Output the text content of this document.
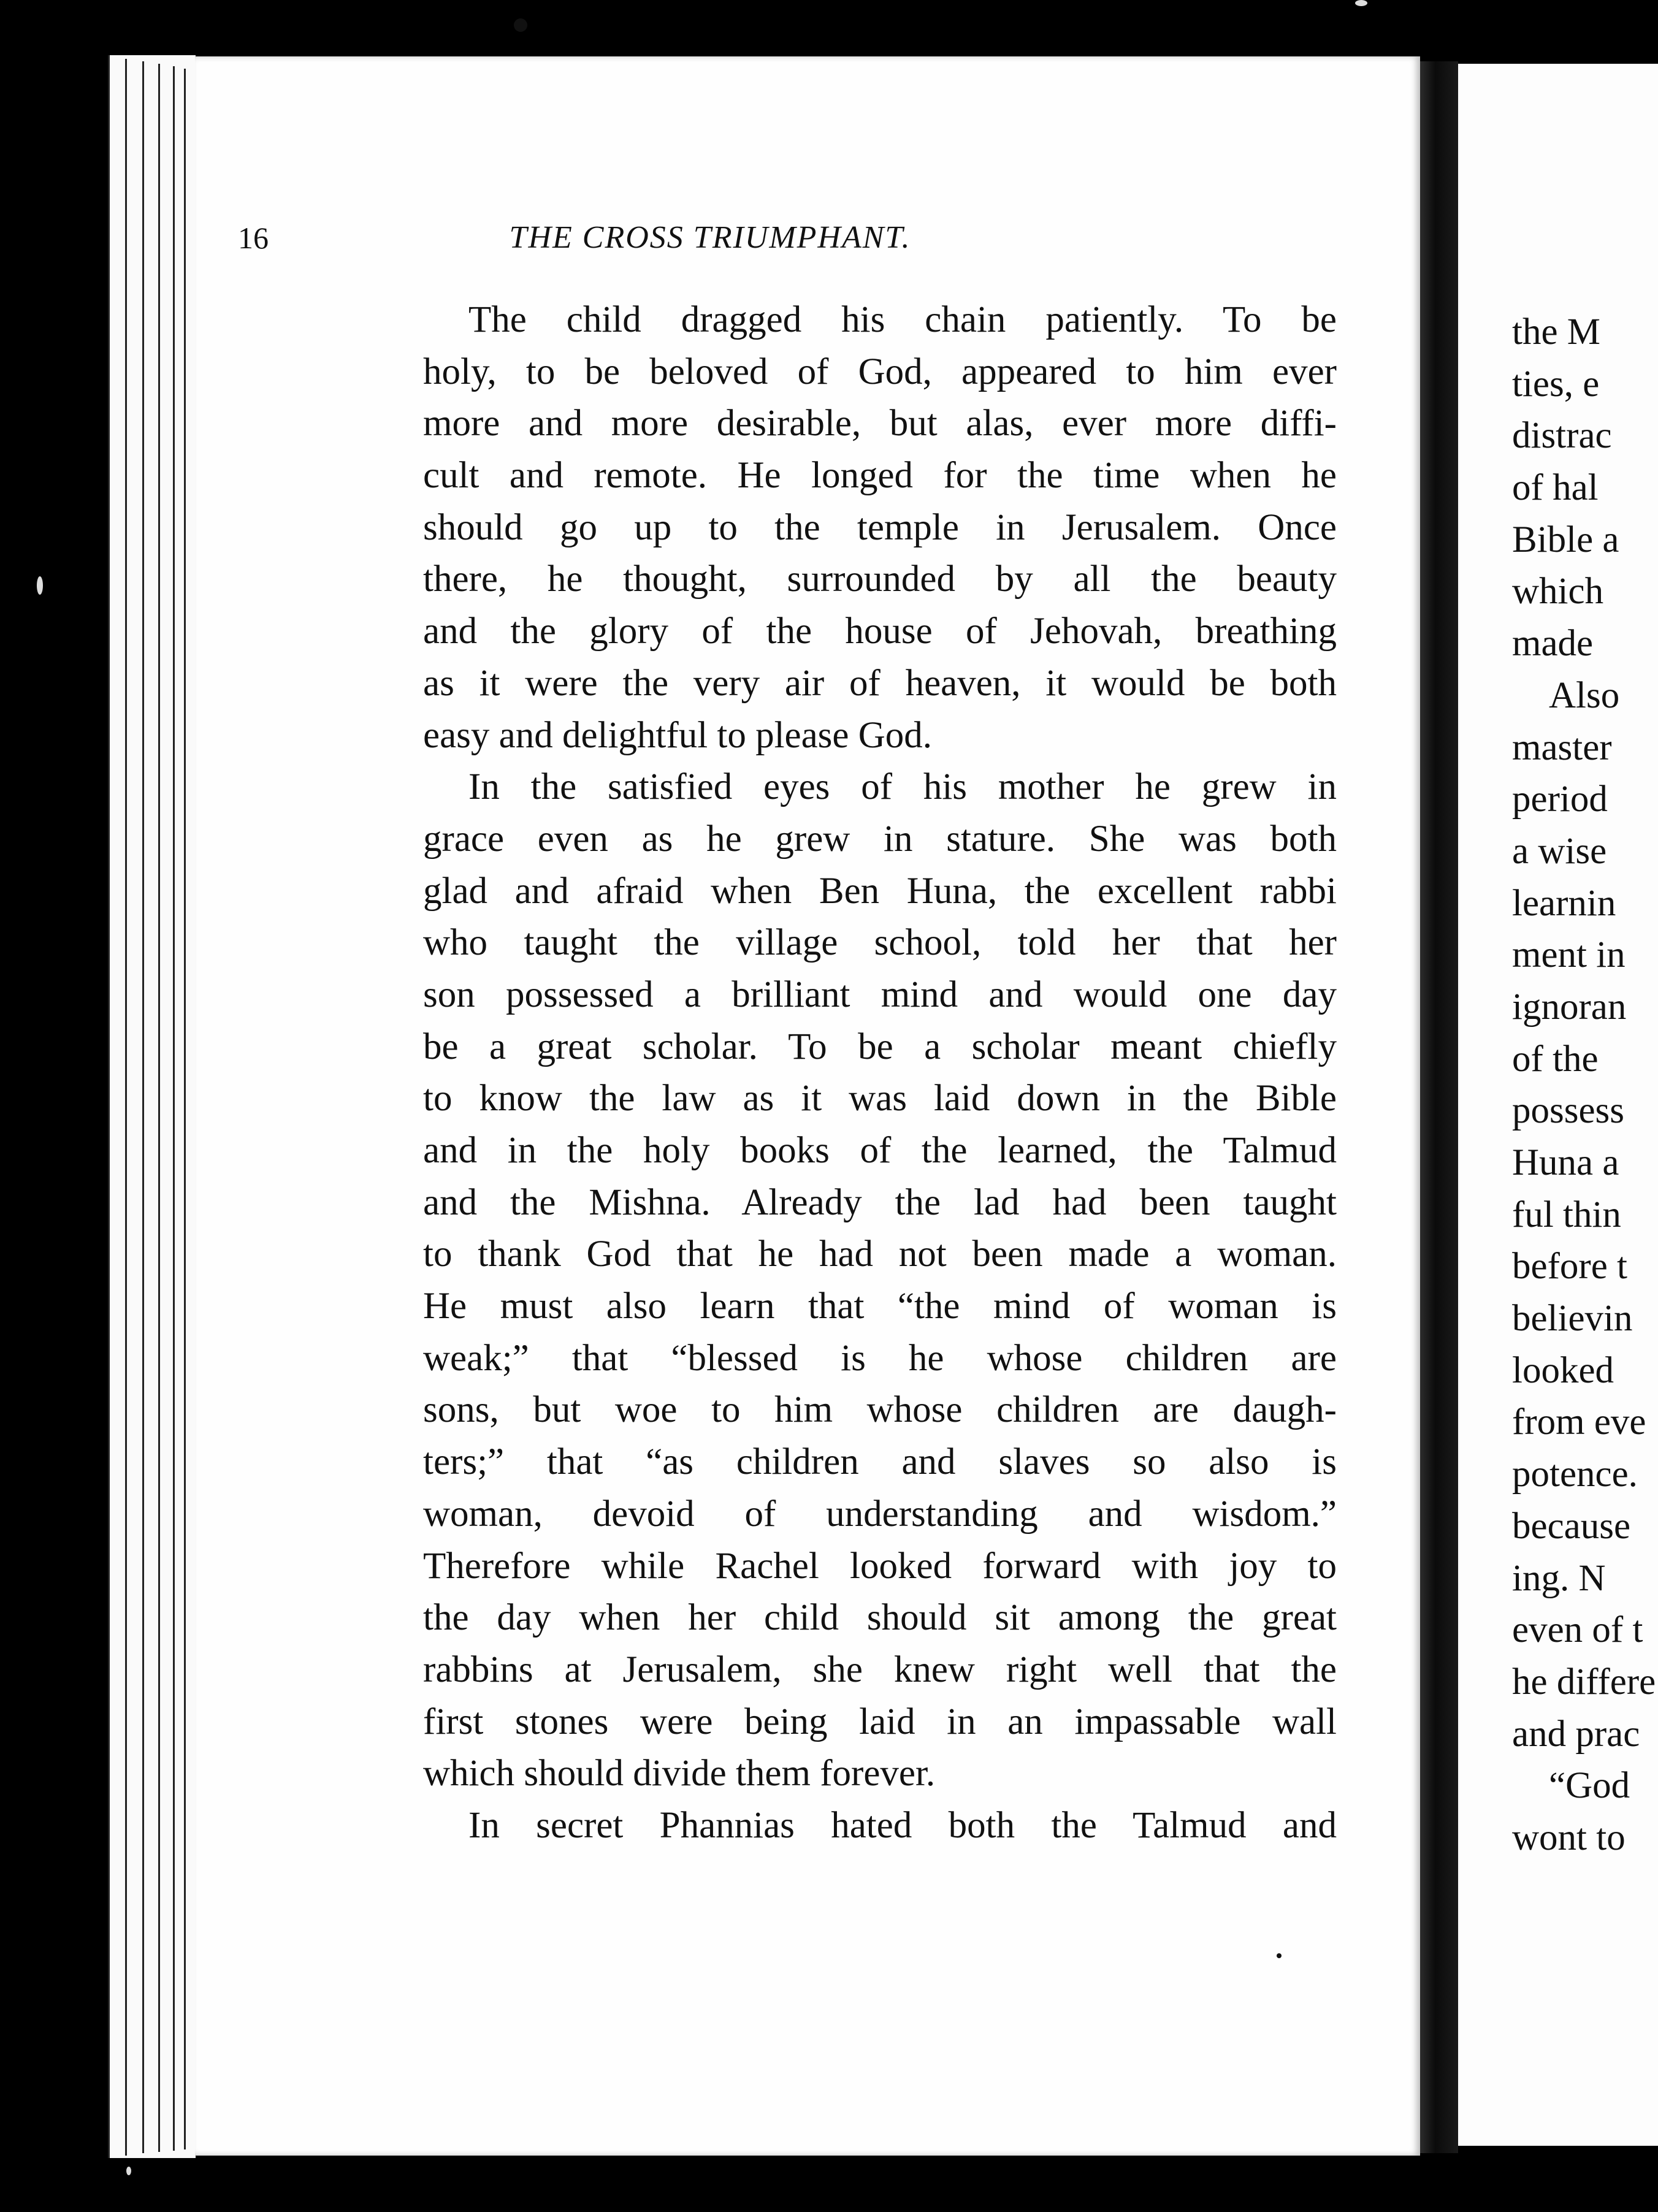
16	THE CROSS TRIUMPHANT.
The child dragged his chain patiently. To be
holy, to be beloved of God, appeared to him ever
more and more desirable, but alas, ever more diffi-
cult and remote. He longed for the time when he
should go up to the temple in Jerusalem. Once
there, he thought, surrounded by all the beauty
and the glory of the house of Jehovah, breathing
as it were the very air of heaven, it would be both
easy and delightful to please God.
In the satisfied eyes of his mother he grew in
grace even as he grew in stature. She was both
glad and afraid when Ben Huna, the excellent rabbi
who taught the village school, told her that her
son possessed a brilliant mind and would one day
be a great scholar. To be a scholar meant chiefly
to know the law as it was laid down in the Bible
and in the holy books of the learned, the Talmud
and the Mishna. Already the lad had been taught
to thank God that he had not been made a woman.
He must also learn that “the mind of woman is
weak;” that “blessed is he whose children are
sons, but woe to him whose children are daugh-
ters;” that “as children and slaves so also is
woman, devoid of understanding and wisdom.”
Therefore while Rachel looked forward with joy to
the day when her child should sit among the great
rabbins at Jerusalem, she knew right well that the
first stones were being laid in an impassable wall
which should divide them forever.
In secret Phannias hated both the Talmud and
the M
ties, e
distrac
of hal
Bible a
which
made
Also
master
period
a wise
learnin
ment in
ignoran
of the
possess
Huna a
ful thin
before t
believin
looked
from eve
potence.
because
ing. N
even of t
he differe
and prac
“God
wont to
